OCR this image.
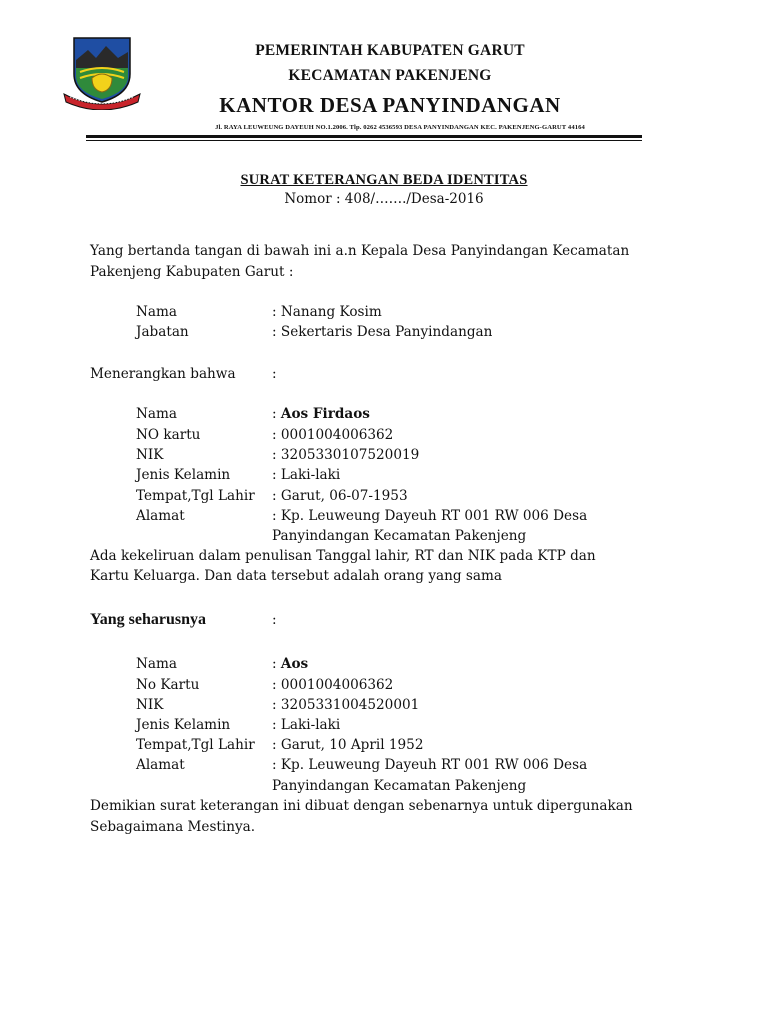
PEMERINTAH KABUPATEN GARUT
KECAMATAN PAKENJENG
KANTOR DESA PANYINDANGAN
Jl. RAYA LEUWEUNG DAYEUH NO.1.2006. Tlp. 0262 4536593 DESA PANYINDANGAN KEC. PAKENJENG-GARUT 44164
SURAT KETERANGAN BEDA IDENTITAS
Nomor : 408/……./Desa-2016
Yang bertanda tangan di bawah ini a.n Kepala Desa Panyindangan Kecamatan
Pakenjeng Kabupaten Garut :
Nama	: Nanang Kosim
Jabatan	: Sekertaris Desa Panyindangan
Menerangkan bahwa	:
Nama	: Aos Firdaos
NO kartu	: 0001004006362
NIK	: 3205330107520019
Jenis Kelamin	: Laki-laki
Tempat,Tgl Lahir : Garut, 06-07-1953
Alamat	: Kp. Leuweung Dayeuh RT 001 RW 006 Desa
Panyindangan Kecamatan Pakenjeng
Ada kekeliruan dalam penulisan Tanggal lahir, RT dan NIK pada KTP dan
Kartu Keluarga. Dan data tersebut adalah orang yang sama
Yang seharusnya	:
Nama	: Aos
No Kartu	: 0001004006362
NIK	: 3205331004520001
Jenis Kelamin	: Laki-laki
Tempat,Tgl Lahir : Garut, 10 April 1952
Alamat	: Kp. Leuweung Dayeuh RT 001 RW 006 Desa
Panyindangan Kecamatan Pakenjeng
Demikian surat keterangan ini dibuat dengan sebenarnya untuk dipergunakan
Sebagaimana Mestinya.
